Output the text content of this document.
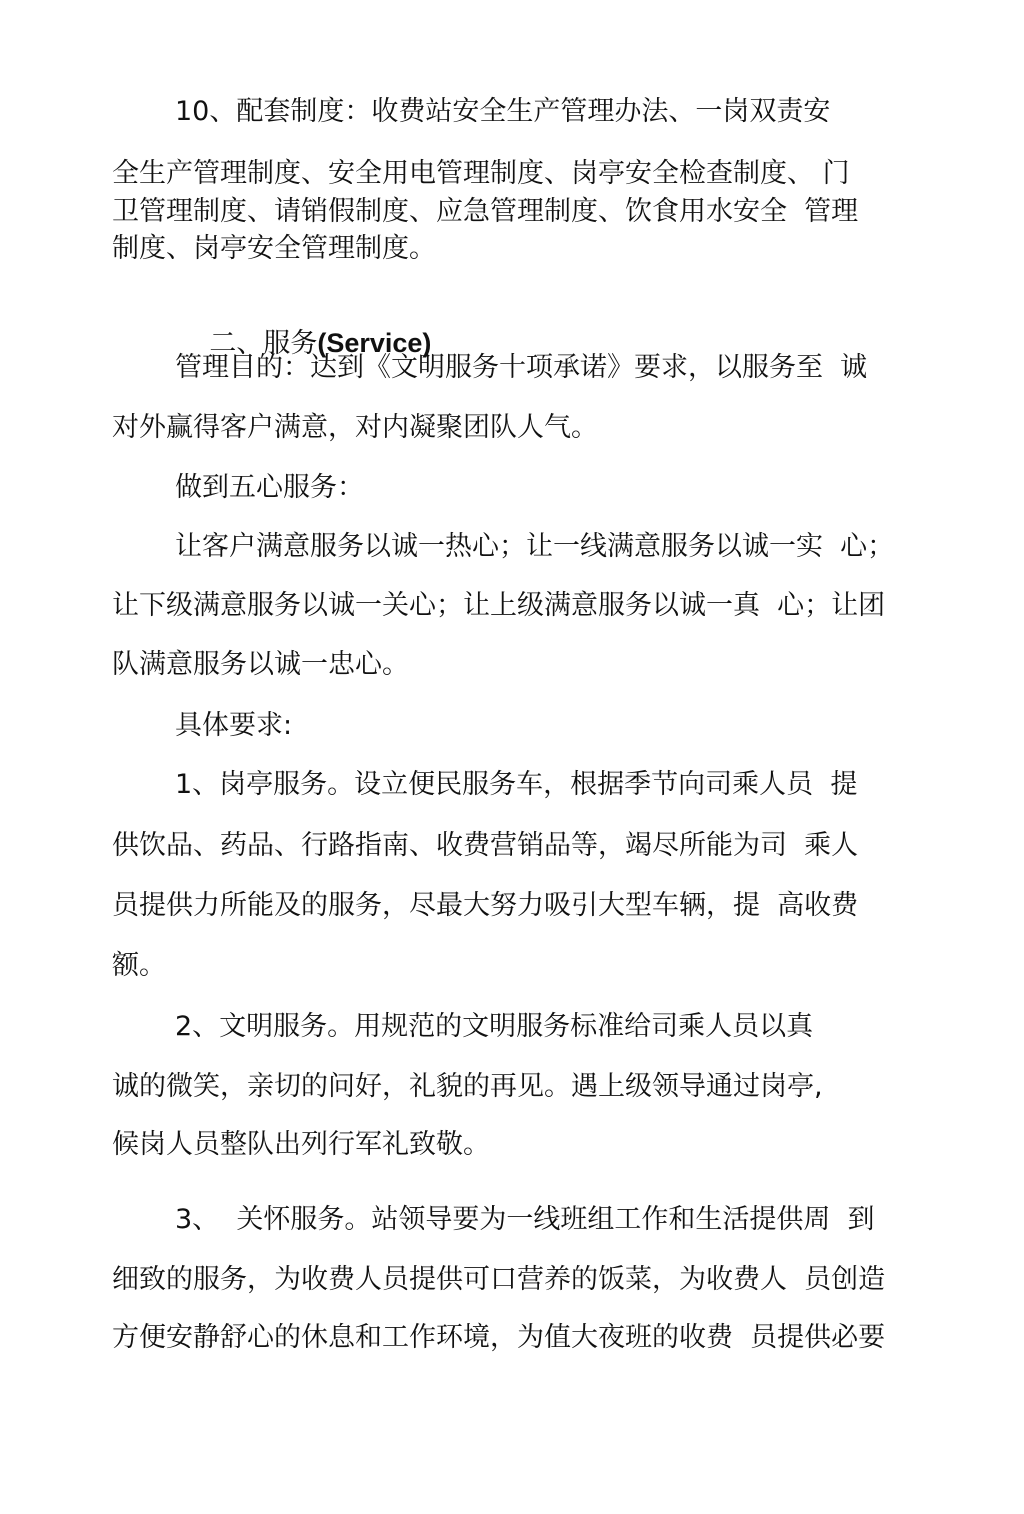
10、配套制度：收费站安全生产管理办法、一岗双责安
全生产管理制度、安全用电管理制度、岗亭安全检查制度、 门
卫管理制度、请销假制度、应急管理制度、饮食用水安全  管理
制度、岗亭安全管理制度。

二、服务(Service)

管理目的：达到《文明服务十项承诺》要求，以服务至  诚
对外赢得客户满意，对内凝聚团队人气。
做到五心服务：
让客户满意服务以诚一热心；让一线满意服务以诚一实  心；
让下级满意服务以诚一关心；让上级满意服务以诚一真  心；让团
队满意服务以诚一忠心。
具体要求:
1、岗亭服务。设立便民服务车，根据季节向司乘人员  提
供饮品、药品、行路指南、收费营销品等，竭尽所能为司  乘人
员提供力所能及的服务，尽最大努力吸引大型车辆，提  高收费
额。
2、文明服务。用规范的文明服务标准给司乘人员以真
诚的微笑，亲切的问好，礼貌的再见。遇上级领导通过岗亭,
候岗人员整队出列行军礼致敬。
3、  关怀服务。站领导要为一线班组工作和生活提供周  到
细致的服务，为收费人员提供可口营养的饭菜，为收费人  员创造
方便安静舒心的休息和工作环境，为值大夜班的收费  员提供必要
